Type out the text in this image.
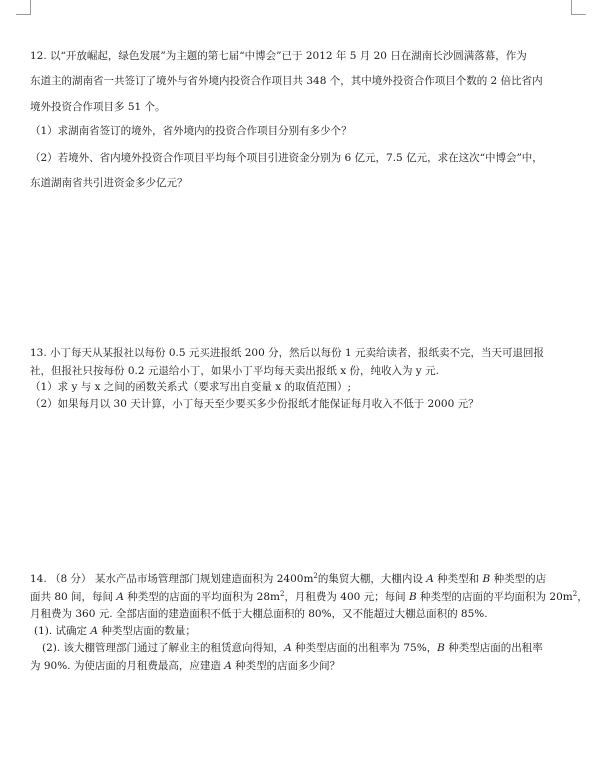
12. 以“开放崛起，绿色发展”为主题的第七届“中博会”已于 2012 年 5 月 20 日在湖南长沙圆满落幕，作为
东道主的湖南省一共签订了境外与省外境内投资合作项目共 348 个，其中境外投资合作项目个数的 2 倍比省内
境外投资合作项目多 51 个。
（1）求湖南省签订的境外，省外境内的投资合作项目分别有多少个？
（2）若境外、省内境外投资合作项目平均每个项目引进资金分别为 6 亿元，7.5 亿元，求在这次“中博会”中，
东道湖南省共引进资金多少亿元？
13. 小丁每天从某报社以每份 0.5 元买进报纸 200 分，然后以每份 1 元卖给读者，报纸卖不完，当天可退回报
社，但报社只按每份 0.2 元退给小丁，如果小丁平均每天卖出报纸 x 份，纯收入为 y 元.
（1）求 y 与 x 之间的函数关系式（要求写出自变量 x 的取值范围）;
（2）如果每月以 30 天计算，小丁每天至少要买多少份报纸才能保证每月收入不低于 2000 元？
14. （8 分） 某水产品市场管理部门规划建造面积为 $2400m^2$的集贸大棚，大棚内设 A 种类型和 B 种类型的店
面共 80 间，每间 A 种类型的店面的平均面积为 $28m^2$，月租费为 400 元；每间 B 种类型的店面的平均面积为 $20m^2$，
月租费为 360 元. 全部店面的建造面积不低于大棚总面积的 80%，又不能超过大棚总面积的 85%.
(1). 试确定 A 种类型店面的数量；
(2). 该大棚管理部门通过了解业主的租赁意向得知，A 种类型店面的出租率为 75%，B 种类型店面的出租率
为 90%. 为使店面的月租费最高，应建造 A 种类型的店面多少间？
